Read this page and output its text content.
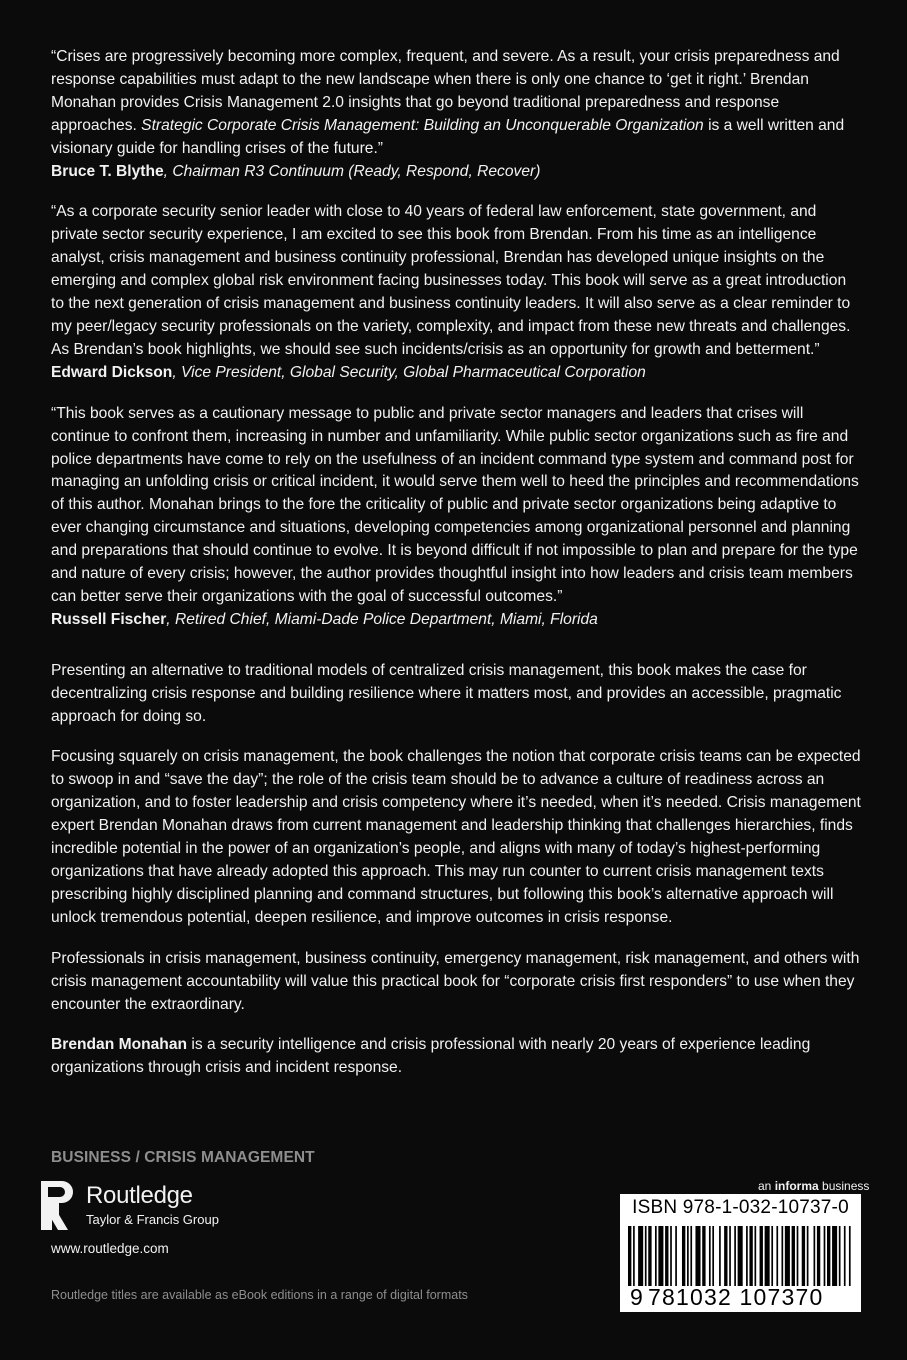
“Crises are progressively becoming more complex, frequent, and severe. As a result, your crisis preparedness and response capabilities must adapt to the new landscape when there is only one chance to ‘get it right.’ Brendan Monahan provides Crisis Management 2.0 insights that go beyond traditional preparedness and response approaches. Strategic Corporate Crisis Management: Building an Unconquerable Organization is a well written and visionary guide for handling crises of the future.”

Bruce T. Blythe, Chairman R3 Continuum (Ready, Respond, Recover)

“As a corporate security senior leader with close to 40 years of federal law enforcement, state government, and private sector security experience, I am excited to see this book from Brendan. From his time as an intelligence analyst, crisis management and business continuity professional, Brendan has developed unique insights on the emerging and complex global risk environment facing businesses today. This book will serve as a great introduction to the next generation of crisis management and business continuity leaders. It will also serve as a clear reminder to my peer/legacy security professionals on the variety, complexity, and impact from these new threats and challenges. As Brendan’s book highlights, we should see such incidents/crisis as an opportunity for growth and betterment.”

Edward Dickson, Vice President, Global Security, Global Pharmaceutical Corporation

“This book serves as a cautionary message to public and private sector managers and leaders that crises will continue to confront them, increasing in number and unfamiliarity. While public sector organizations such as fire and police departments have come to rely on the usefulness of an incident command type system and command post for managing an unfolding crisis or critical incident, it would serve them well to heed the principles and recommendations of this author. Monahan brings to the fore the criticality of public and private sector organizations being adaptive to ever changing circumstance and situations, developing competencies among organizational personnel and planning and preparations that should continue to evolve. It is beyond difficult if not impossible to plan and prepare for the type and nature of every crisis; however, the author provides thoughtful insight into how leaders and crisis team members can better serve their organizations with the goal of successful outcomes.”

Russell Fischer, Retired Chief, Miami-Dade Police Department, Miami, Florida

Presenting an alternative to traditional models of centralized crisis management, this book makes the case for decentralizing crisis response and building resilience where it matters most, and provides an accessible, pragmatic approach for doing so.

Focusing squarely on crisis management, the book challenges the notion that corporate crisis teams can be expected to swoop in and “save the day”; the role of the crisis team should be to advance a culture of readiness across an organization, and to foster leadership and crisis competency where it’s needed, when it’s needed. Crisis management expert Brendan Monahan draws from current management and leadership thinking that challenges hierarchies, finds incredible potential in the power of an organization’s people, and aligns with many of today’s highest-performing organizations that have already adopted this approach. This may run counter to current crisis management texts prescribing highly disciplined planning and command structures, but following this book’s alternative approach will unlock tremendous potential, deepen resilience, and improve outcomes in crisis response.

Professionals in crisis management, business continuity, emergency management, risk management, and others with crisis management accountability will value this practical book for “corporate crisis first responders” to use when they encounter the extraordinary.

Brendan Monahan is a security intelligence and crisis professional with nearly 20 years of experience leading organizations through crisis and incident response.

BUSINESS / CRISIS MANAGEMENT
Routledge
Taylor & Francis Group
www.routledge.com
Routledge titles are available as eBook editions in a range of digital formats
an informa business
ISBN 978-1-032-10737-0
9 781032 107370
